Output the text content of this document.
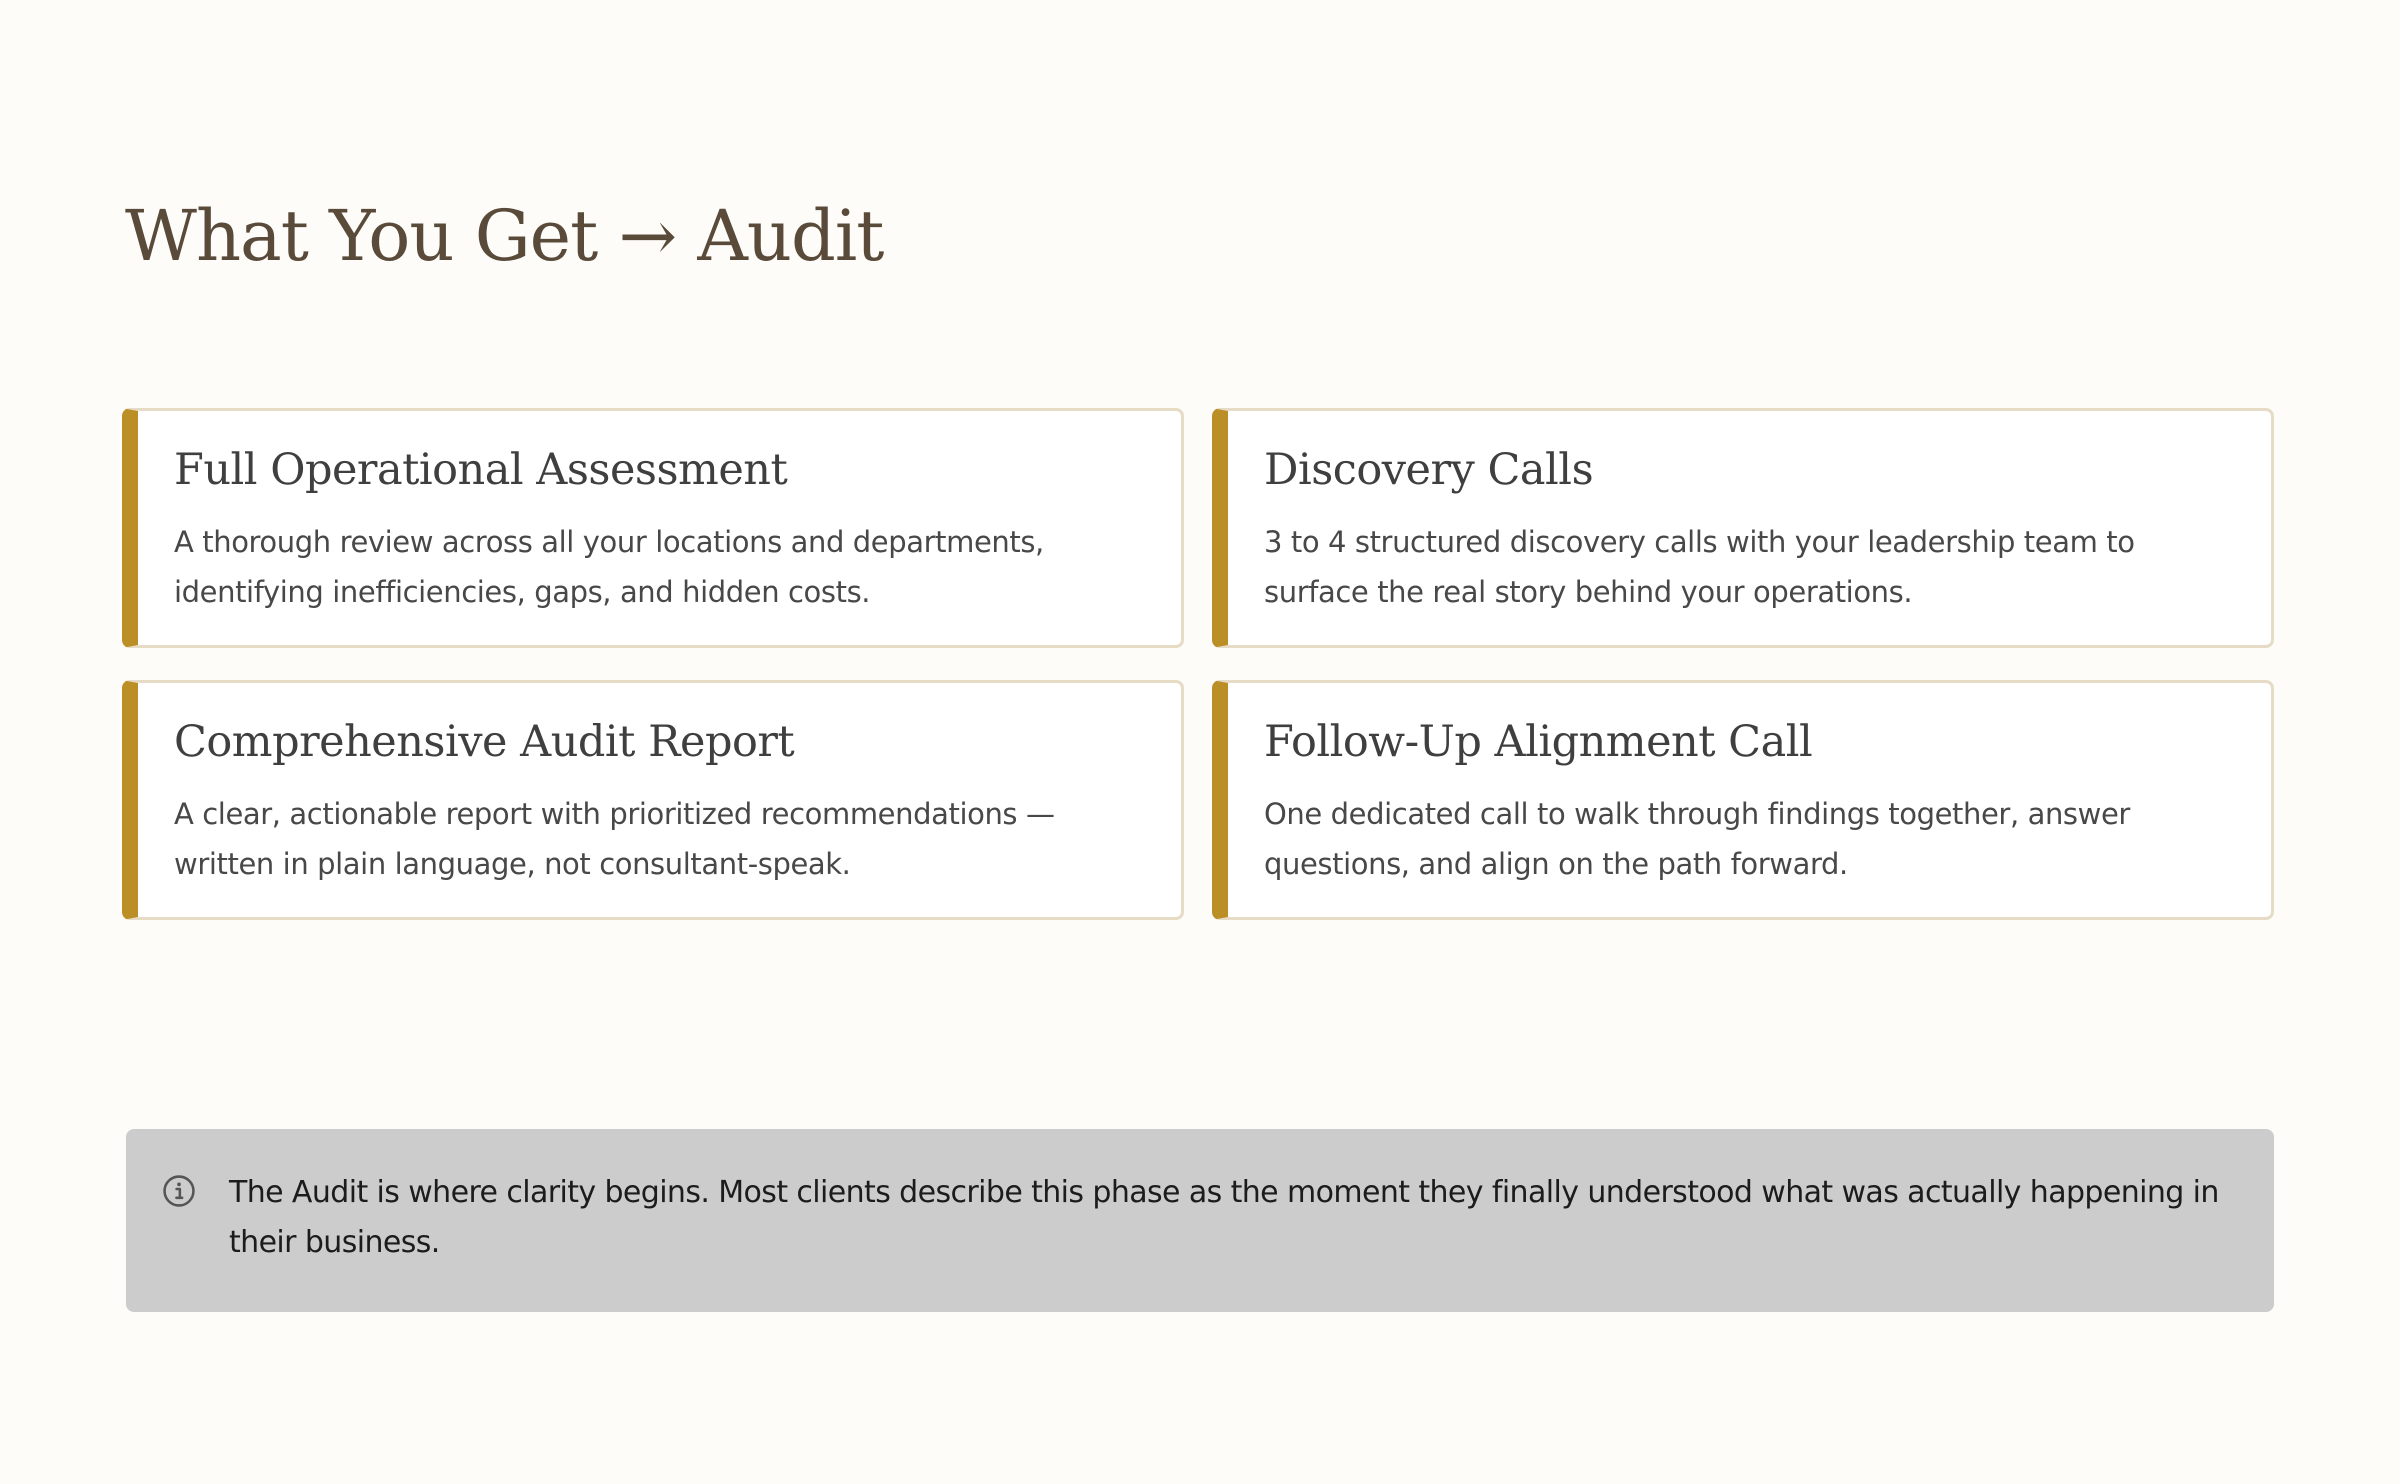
What You Get → Audit
Full Operational Assessment

A thorough review across all your locations and departments, identifying inefficiencies, gaps, and hidden costs.

Discovery Calls

3 to 4 structured discovery calls with your leadership team to surface the real story behind your operations.

Comprehensive Audit Report

A clear, actionable report with prioritized recommendations — written in plain language, not consultant-speak.

Follow-Up Alignment Call

One dedicated call to walk through findings together, answer questions, and align on the path forward.

The Audit is where clarity begins. Most clients describe this phase as the moment they finally understood what was actually happening in their business.
